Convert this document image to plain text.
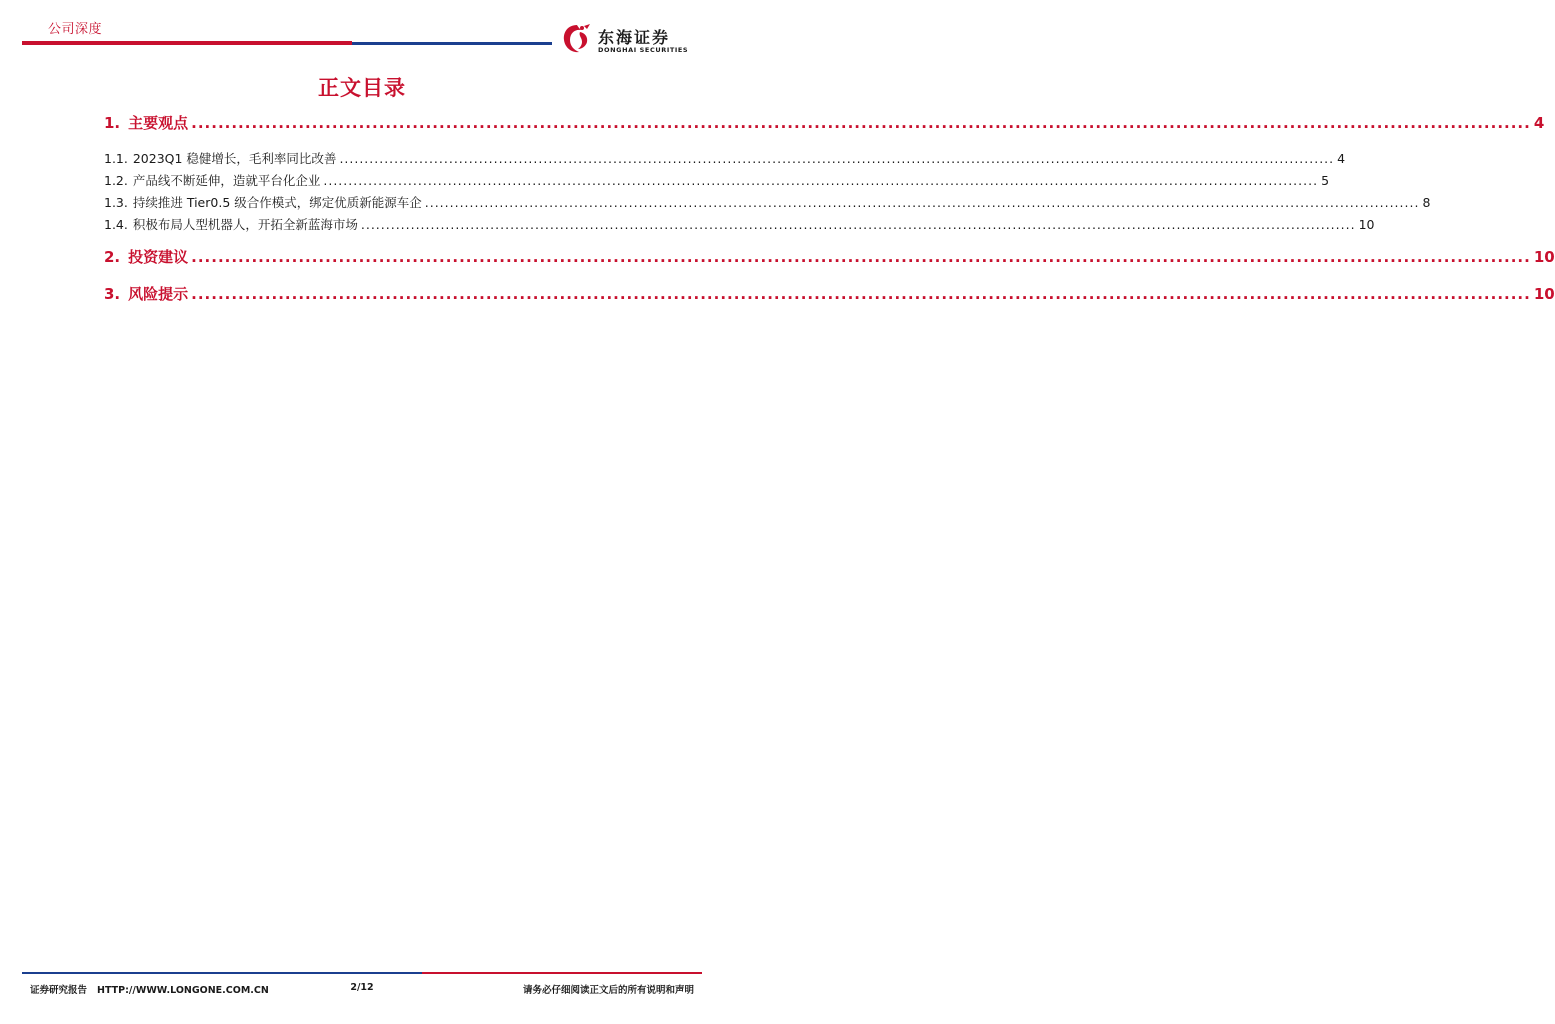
公司深度	东海证券
DONGHAI SECURITIES
正文目录
1. 主要观点 ........................................................................................................................................................................................................ 4
1.1. 2023Q1 稳健增长，毛利率同比改善 ........................................................................................................................................................................................................ 4
1.2. 产品线不断延伸，造就平台化企业 ........................................................................................................................................................................................................ 5
1.3. 持续推进 Tier0.5 级合作模式，绑定优质新能源车企 ........................................................................................................................................................................................................ 8
1.4. 积极布局人型机器人，开拓全新蓝海市场 ........................................................................................................................................................................................................ 10
2. 投资建议 ........................................................................................................................................................................................................ 10
3. 风险提示 ........................................................................................................................................................................................................ 10
证券研究报告 HTTP://WWW.LONGONE.COM.CN	2/12	请务必仔细阅读正文后的所有说明和声明
